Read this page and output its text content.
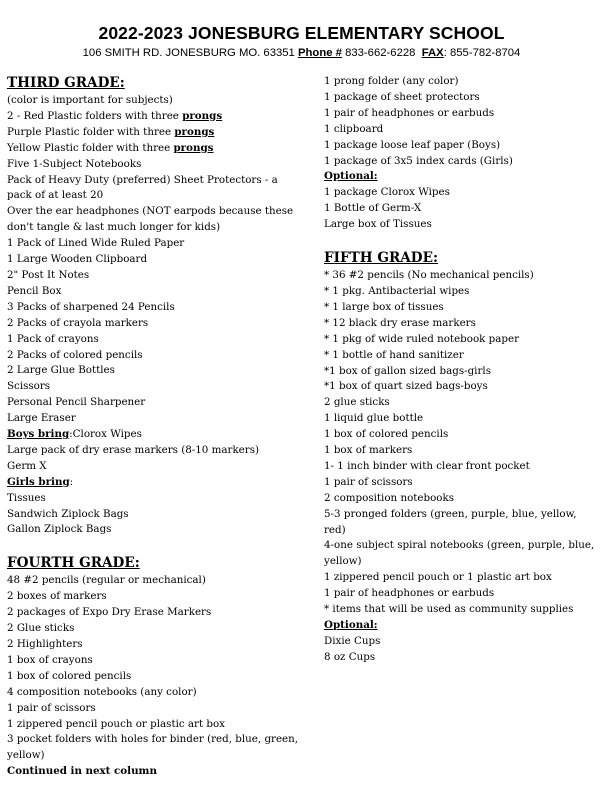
2022-2023 JONESBURG ELEMENTARY SCHOOL
106 SMITH RD. JONESBURG MO. 63351 Phone # 833-662-6228 FAX: 855-782-8704
THIRD GRADE:
(color is important for subjects)
2 - Red Plastic folders with three prongs
Purple Plastic folder with three prongs
Yellow Plastic folder with three prongs
Five 1-Subject Notebooks
Pack of Heavy Duty (preferred) Sheet Protectors - a pack of at least 20
Over the ear headphones (NOT earpods because these don't tangle & last much longer for kids)
1 Pack of Lined Wide Ruled Paper
1 Large Wooden Clipboard
2" Post It Notes
Pencil Box
3 Packs of sharpened 24 Pencils
2 Packs of crayola markers
1 Pack of crayons
2 Packs of colored pencils
2 Large Glue Bottles
Scissors
Personal Pencil Sharpener
Large Eraser
Boys bring:Clorox Wipes
Large pack of dry erase markers (8-10 markers)
Germ X
Girls bring:
Tissues
Sandwich Ziplock Bags
Gallon Ziplock Bags
FOURTH GRADE:
48 #2 pencils (regular or mechanical)
2 boxes of markers
2 packages of Expo Dry Erase Markers
2 Glue sticks
2 Highlighters
1 box of crayons
1 box of colored pencils
4 composition notebooks (any color)
1 pair of scissors
1 zippered pencil pouch or plastic art box
3 pocket folders with holes for binder (red, blue, green, yellow)
Continued in next column
1 prong folder (any color)
1 package of sheet protectors
1 pair of headphones or earbuds
1 clipboard
1 package loose leaf paper (Boys)
1 package of 3x5 index cards (Girls)
Optional:
1 package Clorox Wipes
1 Bottle of Germ-X
Large box of Tissues
FIFTH GRADE:
* 36 #2 pencils (No mechanical pencils)
* 1 pkg. Antibacterial wipes
* 1 large box of tissues
* 12 black dry erase markers
* 1 pkg of wide ruled notebook paper
* 1 bottle of hand sanitizer
*1 box of gallon sized bags-girls
*1 box of quart sized bags-boys
2 glue sticks
1 liquid glue bottle
1 box of colored pencils
1 box of markers
1- 1 inch binder with clear front pocket
1 pair of scissors
2 composition notebooks
5-3 pronged folders (green, purple, blue, yellow, red)
4-one subject spiral notebooks (green, purple, blue, yellow)
1 zippered pencil pouch or 1 plastic art box
1 pair of headphones or earbuds
* items that will be used as community supplies
Optional:
Dixie Cups
8 oz Cups
